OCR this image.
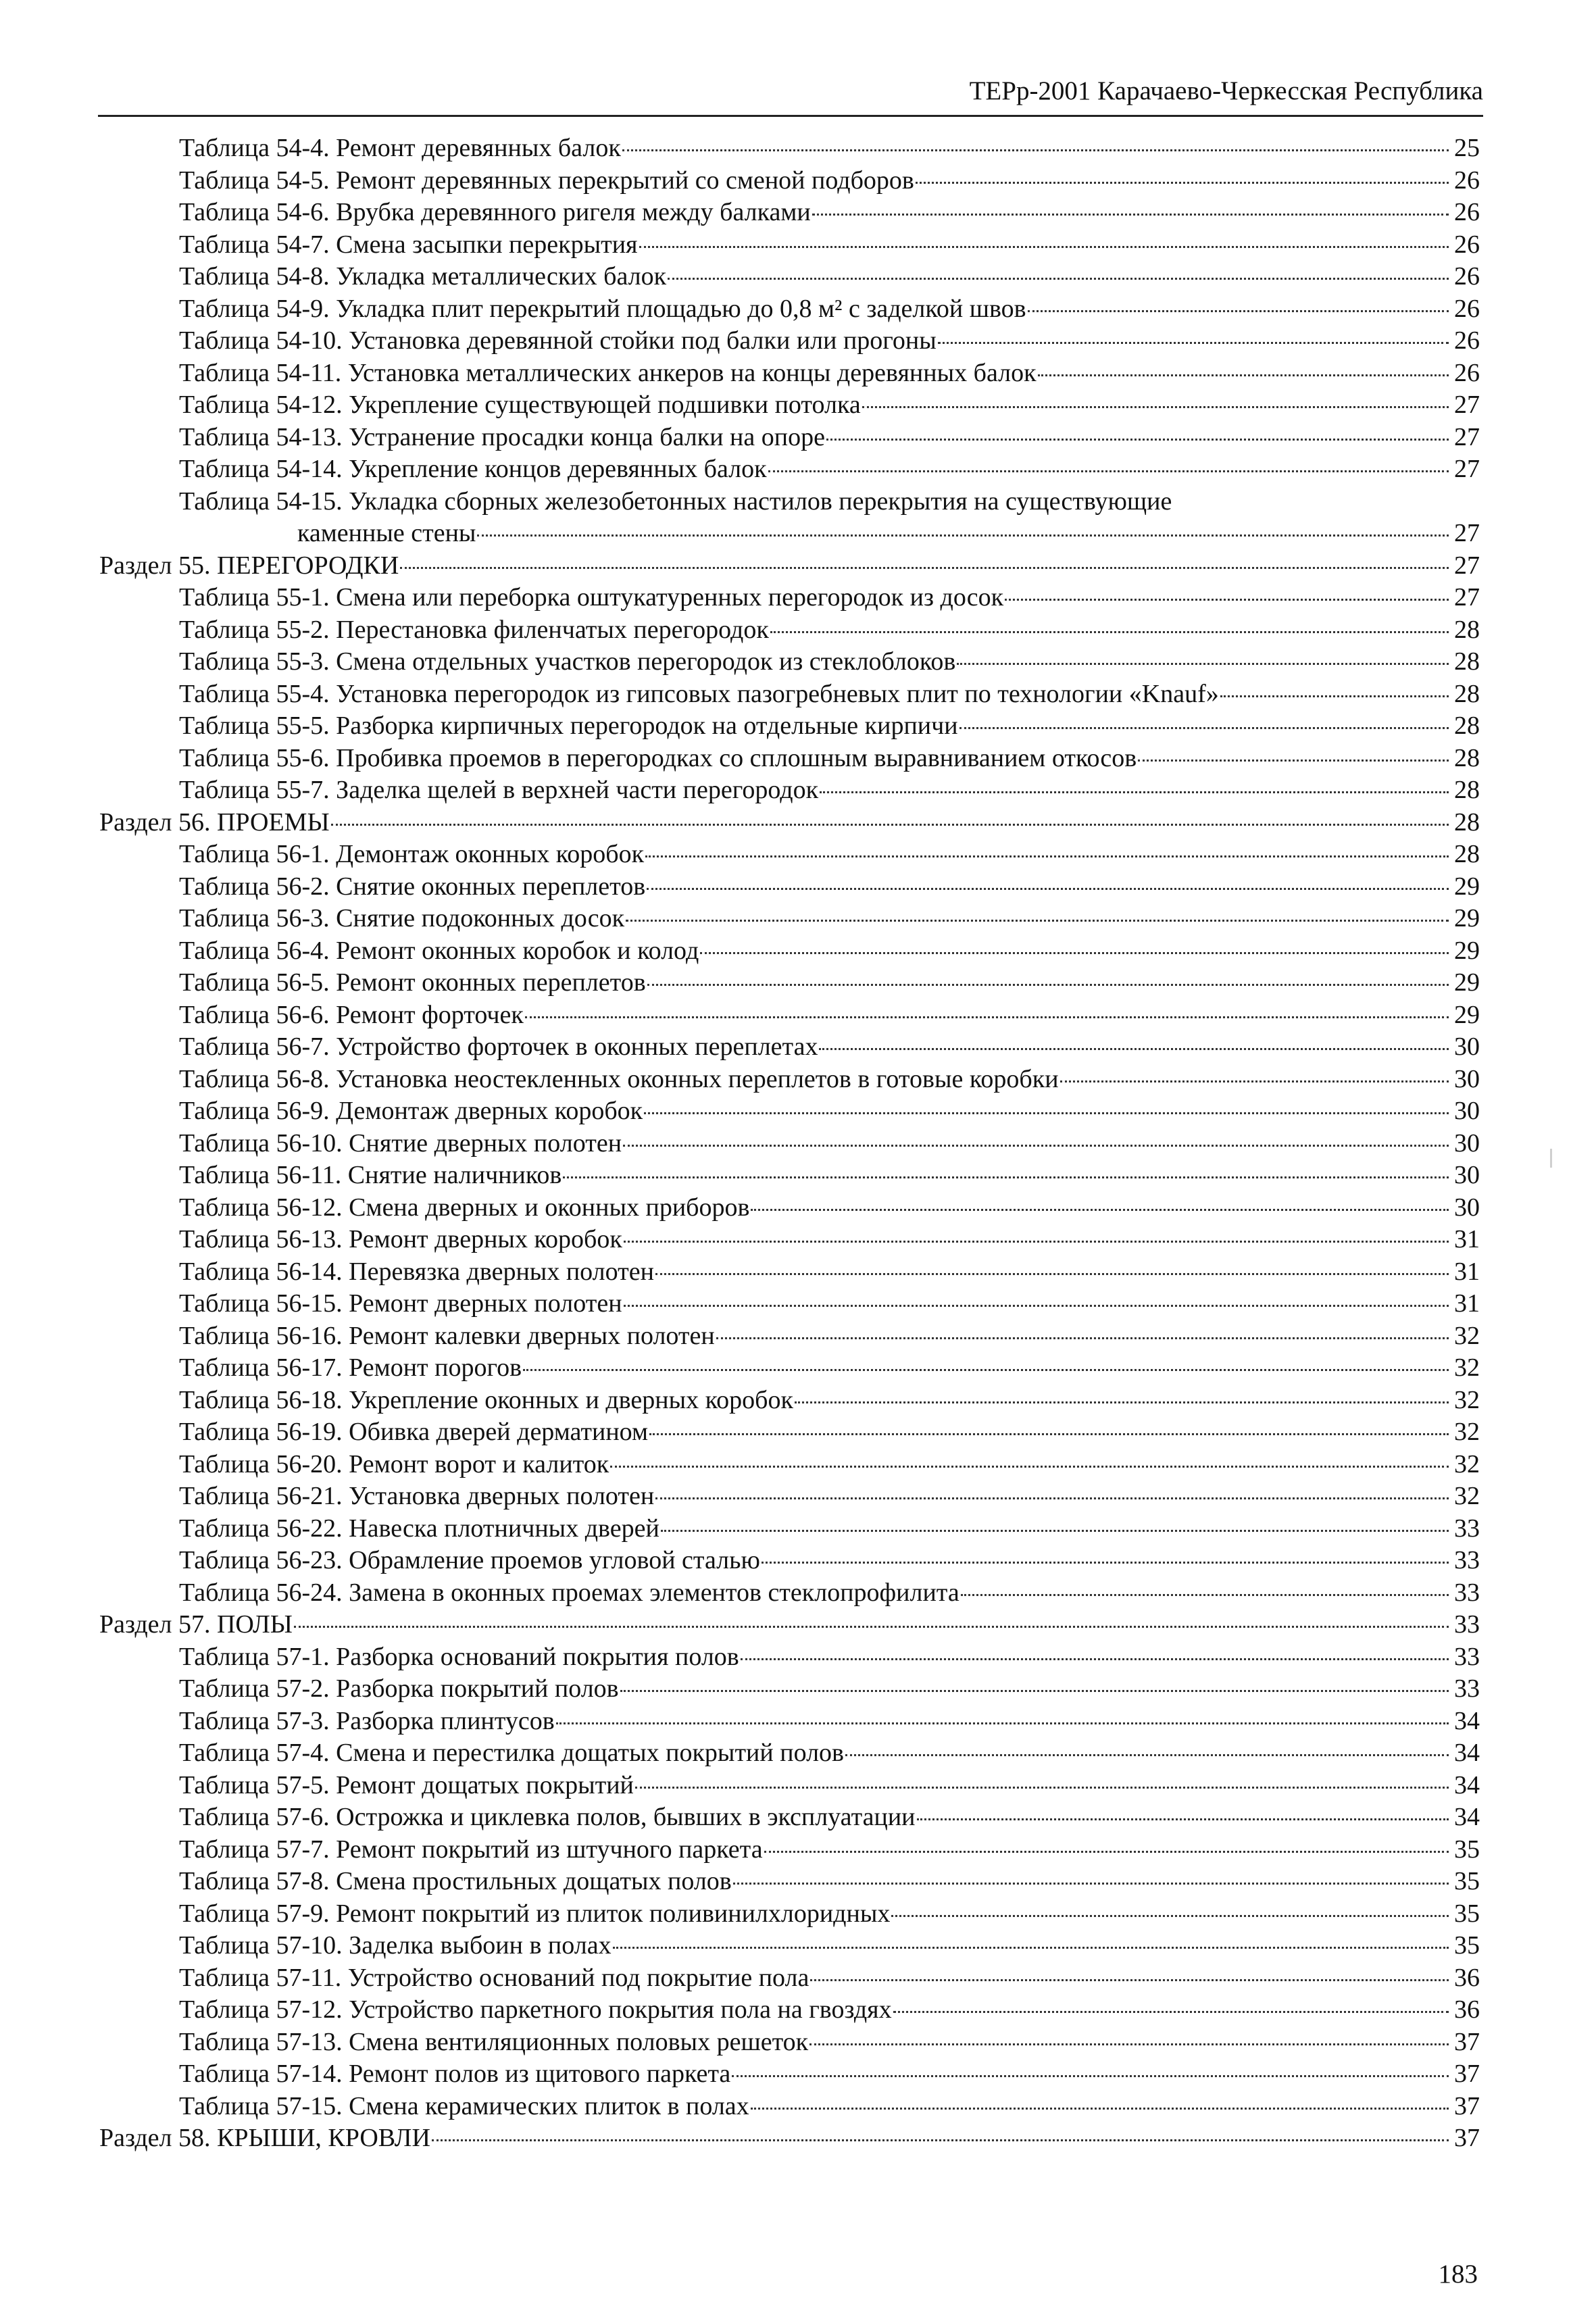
ТЕРр-2001 Карачаево-Черкесская Республика
Таблица 54-4. Ремонт деревянных балок	25
Таблица 54-5. Ремонт деревянных перекрытий со сменой подборов	26
Таблица 54-6. Врубка деревянного ригеля между балками	26
Таблица 54-7. Смена засыпки перекрытия	26
Таблица 54-8. Укладка металлических балок	26
Таблица 54-9. Укладка плит перекрытий площадью до 0,8 м² с заделкой швов	26
Таблица 54-10. Установка деревянной стойки под балки или прогоны	26
Таблица 54-11. Установка металлических анкеров на концы деревянных балок	26
Таблица 54-12. Укрепление существующей подшивки потолка	27
Таблица 54-13. Устранение просадки конца балки на опоре	27
Таблица 54-14. Укрепление концов деревянных балок	27
Таблица 54-15. Укладка сборных железобетонных настилов перекрытия на существующие
каменные стены	27
Раздел 55. ПЕРЕГОРОДКИ	27
Таблица 55-1. Смена или переборка оштукатуренных перегородок из досок	27
Таблица 55-2. Перестановка филенчатых перегородок	28
Таблица 55-3. Смена отдельных участков перегородок из стеклоблоков	28
Таблица 55-4. Установка перегородок из гипсовых пазогребневых плит по технологии «Knauf»	28
Таблица 55-5. Разборка кирпичных перегородок на отдельные кирпичи	28
Таблица 55-6. Пробивка проемов в перегородках со сплошным выравниванием откосов	28
Таблица 55-7. Заделка щелей в верхней части перегородок	28
Раздел 56. ПРОЕМЫ	28
Таблица 56-1. Демонтаж оконных коробок	28
Таблица 56-2. Снятие оконных переплетов	29
Таблица 56-3. Снятие подоконных досок	29
Таблица 56-4. Ремонт оконных коробок и колод	29
Таблица 56-5. Ремонт оконных переплетов	29
Таблица 56-6. Ремонт форточек	29
Таблица 56-7. Устройство форточек в оконных переплетах	30
Таблица 56-8. Установка неостекленных оконных переплетов в готовые коробки	30
Таблица 56-9. Демонтаж дверных коробок	30
Таблица 56-10. Снятие дверных полотен	30
Таблица 56-11. Снятие наличников	30
Таблица 56-12. Смена дверных и оконных приборов	30
Таблица 56-13. Ремонт дверных коробок	31
Таблица 56-14. Перевязка дверных полотен	31
Таблица 56-15. Ремонт дверных полотен	31
Таблица 56-16. Ремонт калевки дверных полотен	32
Таблица 56-17. Ремонт порогов	32
Таблица 56-18. Укрепление оконных и дверных коробок	32
Таблица 56-19. Обивка дверей дерматином	32
Таблица 56-20. Ремонт ворот и калиток	32
Таблица 56-21. Установка дверных полотен	32
Таблица 56-22. Навеска плотничных дверей	33
Таблица 56-23. Обрамление проемов угловой сталью	33
Таблица 56-24. Замена в оконных проемах элементов стеклопрофилита	33
Раздел 57. ПОЛЫ	33
Таблица 57-1. Разборка оснований покрытия полов	33
Таблица 57-2. Разборка покрытий полов	33
Таблица 57-3. Разборка плинтусов	34
Таблица 57-4. Смена и перестилка дощатых покрытий полов	34
Таблица 57-5. Ремонт дощатых покрытий	34
Таблица 57-6. Острожка и циклевка полов, бывших в эксплуатации	34
Таблица 57-7. Ремонт покрытий из штучного паркета	35
Таблица 57-8. Смена простильных дощатых полов	35
Таблица 57-9. Ремонт покрытий из плиток поливинилхлоридных	35
Таблица 57-10. Заделка выбоин в полах	35
Таблица 57-11. Устройство оснований под покрытие пола	36
Таблица 57-12. Устройство паркетного покрытия пола на гвоздях	36
Таблица 57-13. Смена вентиляционных половых решеток	37
Таблица 57-14. Ремонт полов из щитового паркета	37
Таблица 57-15. Смена керамических плиток в полах	37
Раздел 58. КРЫШИ, КРОВЛИ	37
183
